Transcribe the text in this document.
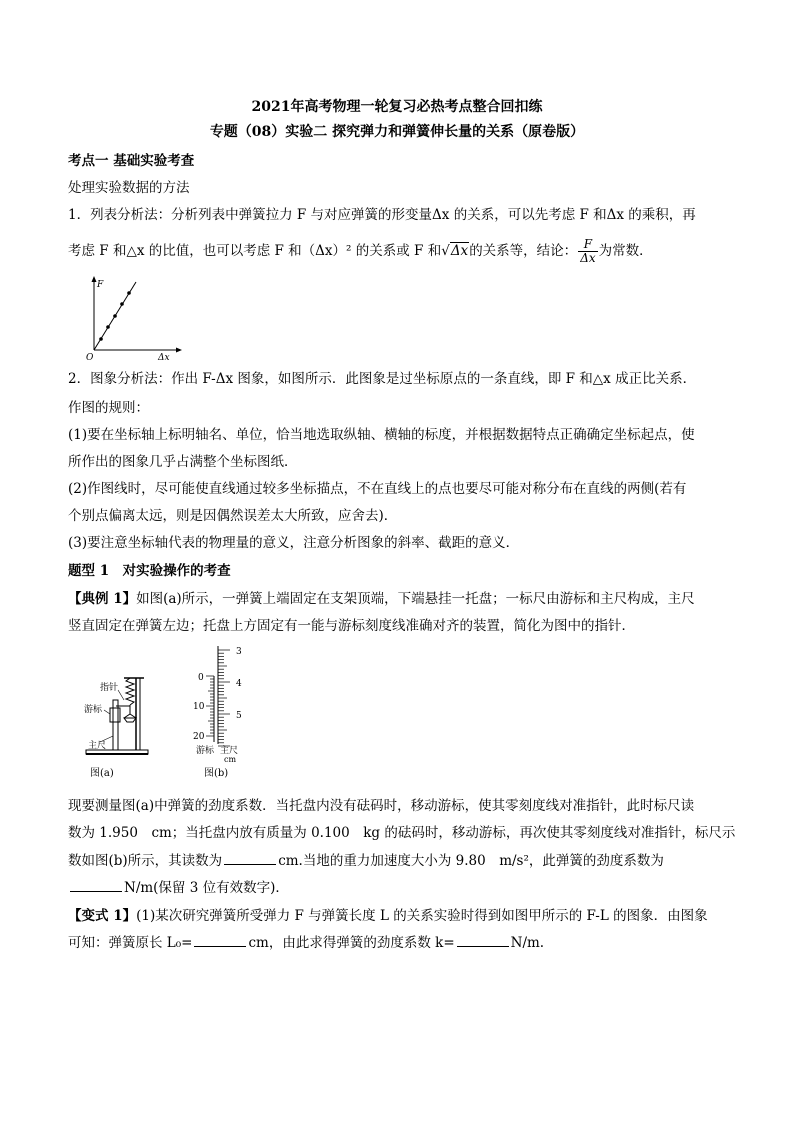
2021年高考物理一轮复习必热考点整合回扣练
专题（08）实验二 探究弹力和弹簧伸长量的关系（原卷版）
考点一 基础实验考查
处理实验数据的方法
1．列表分析法：分析列表中弹簧拉力 F 与对应弹簧的形变量Δx 的关系，可以先考虑 F 和Δx 的乘积，再
考虑 F 和△x 的比值，也可以考虑 F 和（Δx）² 的关系或 F 和√Δx的关系等，结论： $\frac{F}{\Delta x}$ 为常数．
F
O	Δx
2．图象分析法：作出 F-Δx 图象，如图所示．此图象是过坐标原点的一条直线，即 F 和△x 成正比关系．
作图的规则：
(1)要在坐标轴上标明轴名、单位，恰当地选取纵轴、横轴的标度，并根据数据特点正确确定坐标起点，使
所作出的图象几乎占满整个坐标图纸．
(2)作图线时，尽可能使直线通过较多坐标描点，不在直线上的点也要尽可能对称分布在直线的两侧(若有
个别点偏离太远，则是因偶然误差太大所致，应舍去)．
(3)要注意坐标轴代表的物理量的意义，注意分析图象的斜率、截距的意义．
题型 1　对实验操作的考查
【典例 1】如图(a)所示，一弹簧上端固定在支架顶端，下端悬挂一托盘；一标尺由游标和主尺构成，主尺
竖直固定在弹簧左边；托盘上方固定有一能与游标刻度线准确对齐的装置，简化为图中的指针．
指针
游标
主尺
图(a)
3
4
5
0
10
20
游标 主尺
cm
图(b)
现要测量图(a)中弹簧的劲度系数．当托盘内没有砝码时，移动游标，使其零刻度线对准指针，此时标尺读
数为 1.950　cm；当托盘内放有质量为 0.100　kg 的砝码时，移动游标，再次使其零刻度线对准指针，标尺示
数如图(b)所示，其读数为	cm.当地的重力加速度大小为 9.80　m/s²，此弹簧的劲度系数为
N/m(保留 3 位有效数字)．
【变式 1】(1)某次研究弹簧所受弹力 F 与弹簧长度 L 的关系实验时得到如图甲所示的 F-L 的图象．由图象
可知：弹簧原长 L₀=	cm，由此求得弹簧的劲度系数 k=	N/m.
